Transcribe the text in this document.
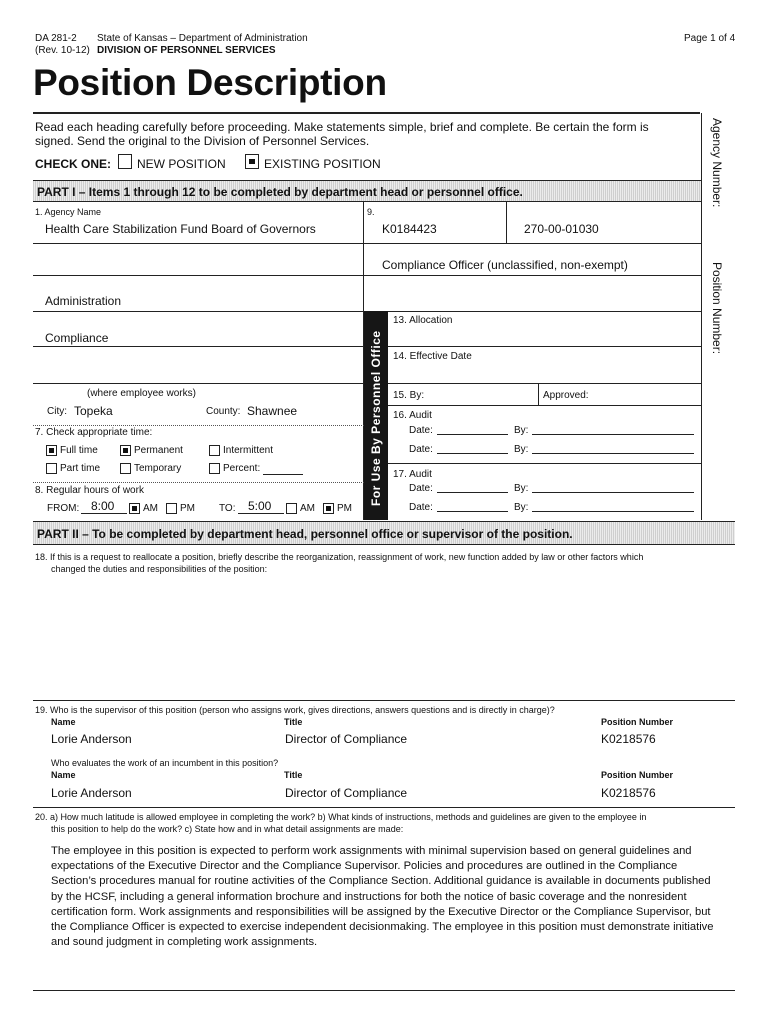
DA 281-2 State of Kansas – Department of Administration
(Rev. 10-12) DIVISION OF PERSONNEL SERVICES
Page 1 of 4
Position Description
Agency Number:
Position Number:
Read each heading carefully before proceeding. Make statements simple, brief and complete. Be certain the form is
signed. Send the original to the Division of Personnel Services.
CHECK ONE: NEW POSITION	EXISTING POSITION
PART I – Items 1 through 12 to be completed by department head or personnel office.
1. Agency Name
Health Care Stabilization Fund Board of Governors
9.
K0184423	270-00-01030
Compliance Officer (unclassified, non-exempt)
Administration
Compliance	For Use By Personnel Office
13. Allocation
14. Effective Date
(where employee works)
City: Topeka	County: Shawnee
15. By:	Approved:
16. Audit
Date:	By:
Date:	By:
17. Audit
Date:	By:
Date:	By:
7. Check appropriate time:
Full time	Permanent	Intermittent
Part time	Temporary	Percent:
8. Regular hours of work
FROM: 8:00	AM PM TO: 5:00	AM PM
PART II – To be completed by department head, personnel office or supervisor of the position.
18. If this is a request to reallocate a position, briefly describe the reorganization, reassignment of work, new function added by law or other factors which
changed the duties and responsibilities of the position:
19. Who is the supervisor of this position (person who assigns work, gives directions, answers questions and is directly in charge)?
Name	Title	Position Number
Lorie Anderson	Director of Compliance	K0218576
Who evaluates the work of an incumbent in this position?
Name	Title	Position Number
Lorie Anderson	Director of Compliance	K0218576
20. a) How much latitude is allowed employee in completing the work? b) What kinds of instructions, methods and guidelines are given to the employee in
this position to help do the work? c) State how and in what detail assignments are made:
The employee in this position is expected to perform work assignments with minimal supervision based on general guidelines and
expectations of the Executive Director and the Compliance Supervisor. Policies and procedures are outlined in the Compliance
Section’s procedures manual for routine activities of the Compliance Section. Additional guidance is available in documents published
by the HCSF, including a general information brochure and instructions for both the notice of basic coverage and the nonresident
certification form. Work assignments and responsibilities will be assigned by the Executive Director or the Compliance Supervisor, but
the Compliance Officer is expected to exercise independent decisionmaking. The employee in this position must demonstrate initiative
and sound judgment in completing work assignments.
